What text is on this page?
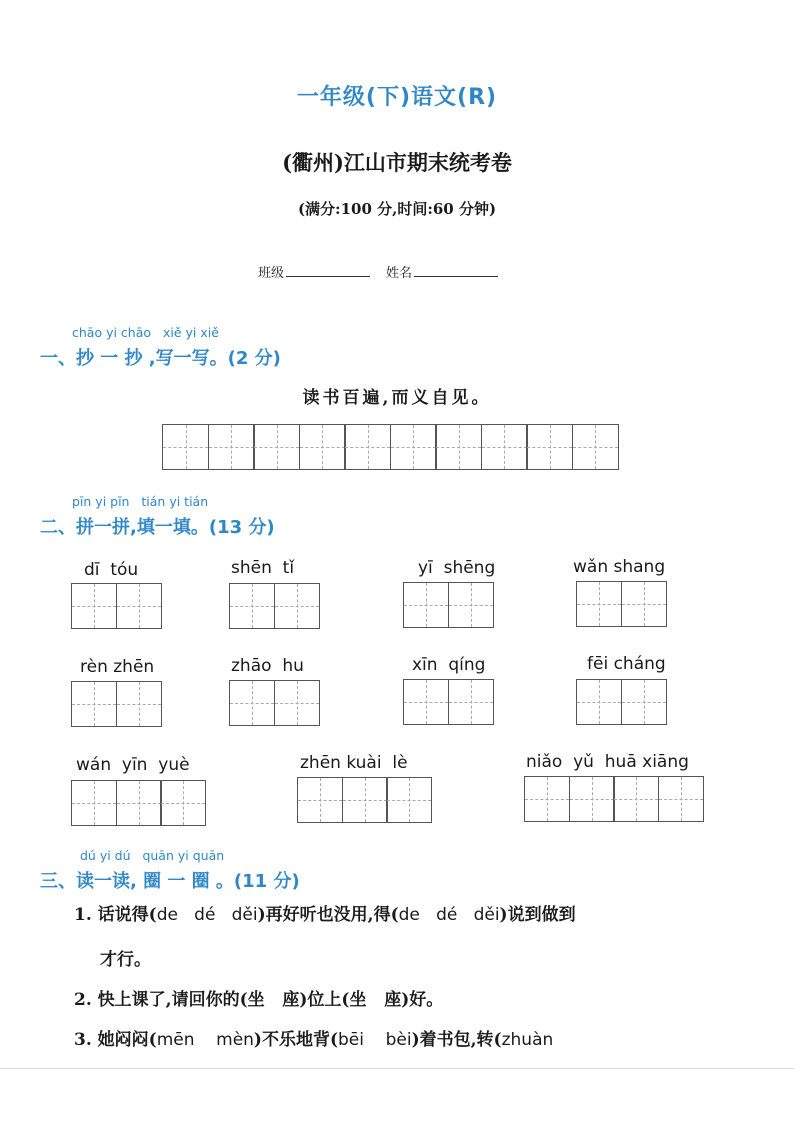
一年级(下)语文(R)
(衢州)江山市期末统考卷
(满分:100 分,时间:60 分钟)
班级	姓名
chāo yi chāo   xiě yi xiě
一、抄 一 抄 ,写一写。(2 分)
读书百遍,而义自见。
pīn yi pīn   tián yi tián
二、拼一拼,填一填。(13 分)
dī  tóu	shēn  tǐ	yī  shēng	wǎn shang
rèn zhēn	zhāo  hu	xīn  qíng	fēi cháng
wán  yīn  yuè	zhēn kuài  lè	niǎo  yǔ  huā xiāng
dú yi dú   quān yi quān
三、读一读, 圈 一 圈 。(11 分)
1. 话说得(de   dé   děi)再好听也没用,得(de   dé   děi)说到做到
才行。
2. 快上课了,请回你的(坐   座)位上(坐   座)好。
3. 她闷闷(mēn    mèn)不乐地背(bēi    bèi)着书包,转(zhuàn
